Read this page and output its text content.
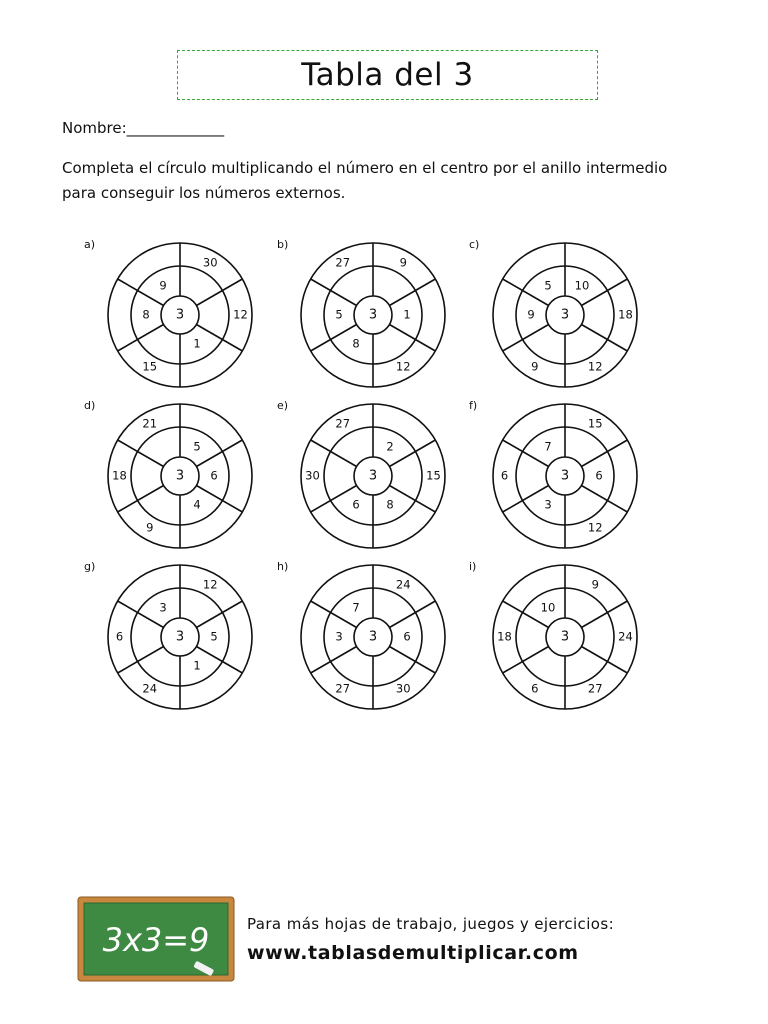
Tabla del 3
Nombre:_____________
Completa el círculo multiplicando el número en el centro por el anillo intermedio para conseguir los números externos.
a)
3
1
8
9
30
12
15
b)
3 1
8
5
9
12
27
c)
3
10
9
5
18
12
9
d)
3
5
6
4
9
18
21
e)
3
2
8
6
15
30
27
f)
3 6
3
7
15
12
6
g)
3 5
1
3
12
24
6
h)
3 6
3
7
24
30
27
i)
3
10
9
24
27
6
18
3x3=9	Para más hojas de trabajo, juegos y ejercicios:
www.tablasdemultiplicar.com
